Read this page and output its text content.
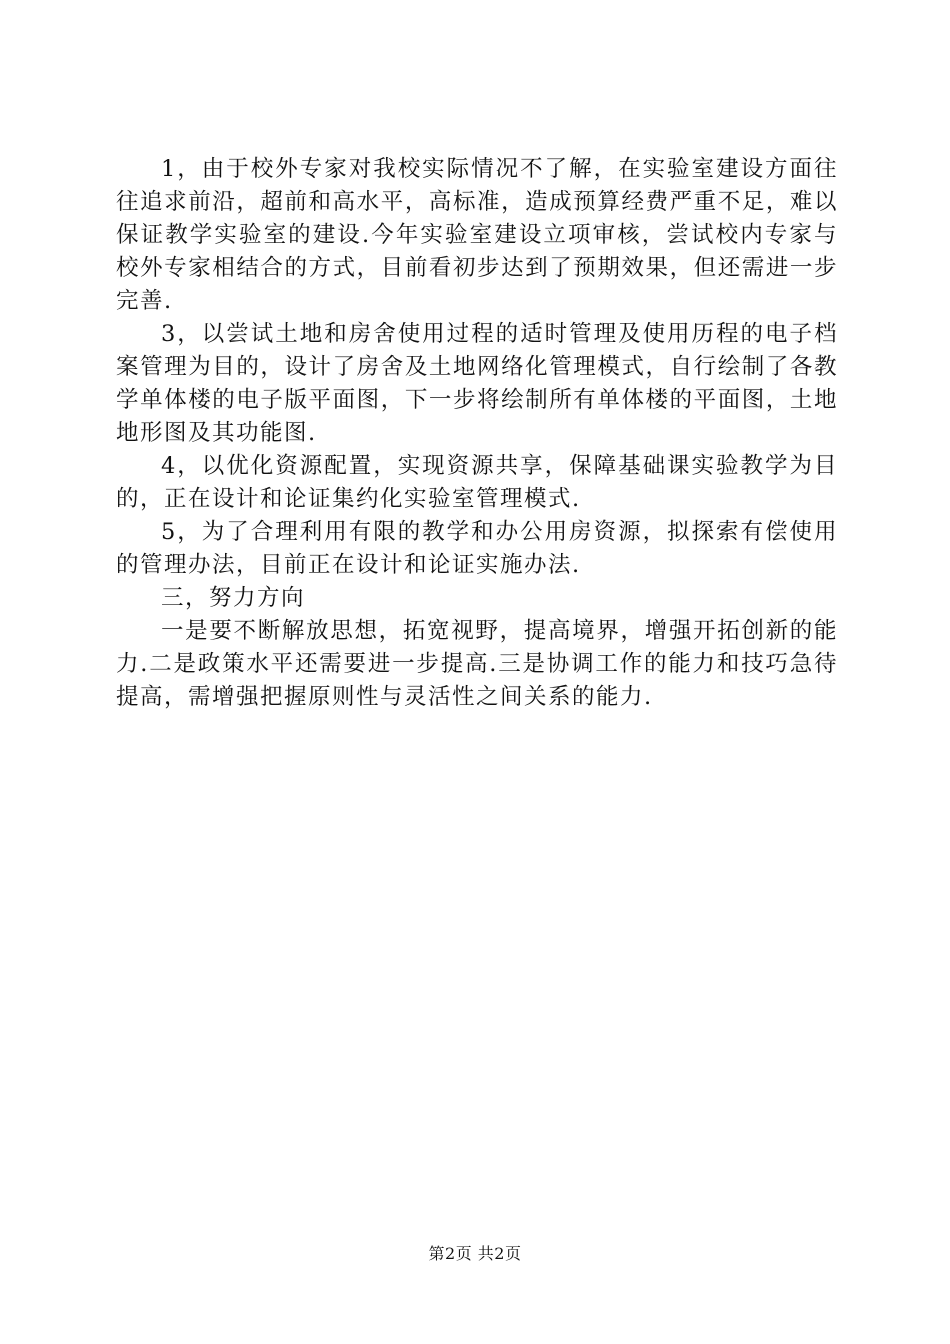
1，由于校外专家对我校实际情况不了解，在实验室建设方面往往追求前沿，超前和高水平，高标准，造成预算经费严重不足，难以保证教学实验室的建设.今年实验室建设立项审核，尝试校内专家与校外专家相结合的方式，目前看初步达到了预期效果，但还需进一步完善.

3，以尝试土地和房舍使用过程的适时管理及使用历程的电子档案管理为目的，设计了房舍及土地网络化管理模式，自行绘制了各教学单体楼的电子版平面图，下一步将绘制所有单体楼的平面图，土地地形图及其功能图.

4，以优化资源配置，实现资源共享，保障基础课实验教学为目的，正在设计和论证集约化实验室管理模式.

5，为了合理利用有限的教学和办公用房资源，拟探索有偿使用的管理办法，目前正在设计和论证实施办法.

三，努力方向

一是要不断解放思想，拓宽视野，提高境界，增强开拓创新的能力.二是政策水平还需要进一步提高.三是协调工作的能力和技巧急待提高，需增强把握原则性与灵活性之间关系的能力.

第2页 共2页
